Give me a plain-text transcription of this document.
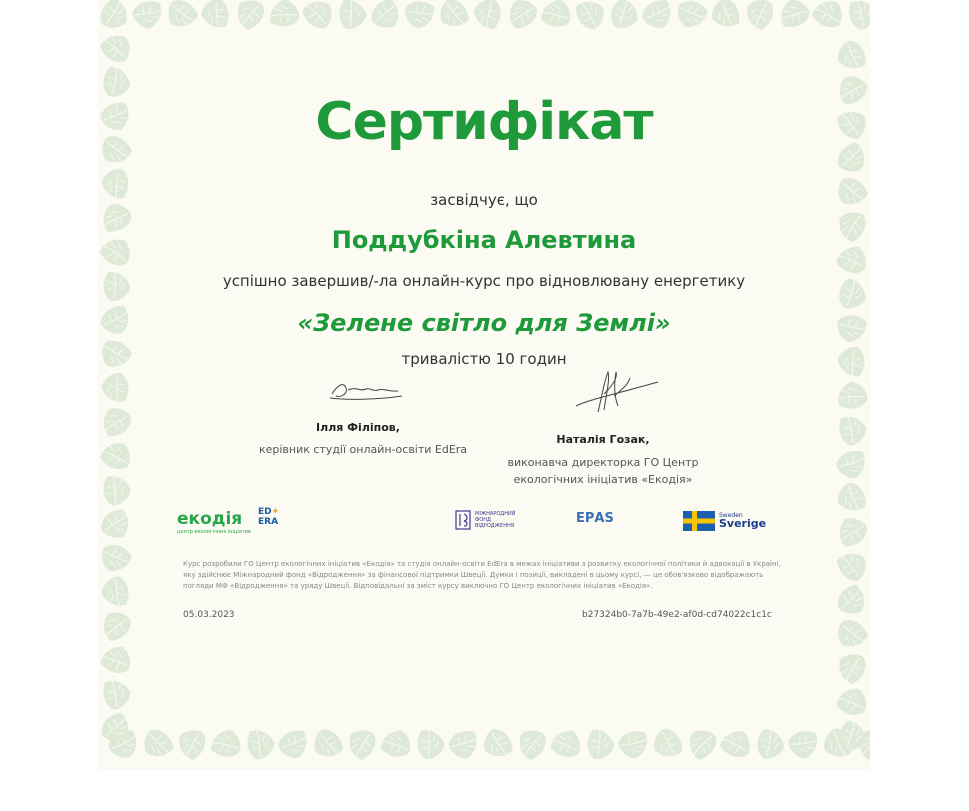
Сертифікат
засвідчує, що
Поддубкіна Алевтина
успішно завершив/-ла онлайн-курс про відновлювану енергетику
«Зелене світло для Землі»
тривалістю 10 годин
Ілля Філіпов,
керівник студії онлайн-освіти EdEra
Наталія Гозак,
виконавча директорка ГО Центр
екологічних ініціатив «Екодія»
екодія
центр екологічних ініціатив
ED✦
ERA
МІЖНАРОДНИЙ ФОНД ВІДРОДЖЕННЯ	ЕРАЅ	Sweden
Sverige
Курс розробили ГО Центр екологічних ініціатив «Екодія» та студія онлайн-освіти EdEra в межах ініціативи з розвитку екологічної політики й адвокації в Україні, яку здійснює Міжнародний фонд «Відродження» за фінансової підтримки Швеції. Думки і позиції, викладені в цьому курсі, — це обов'язково відображають погляди МФ «Відродження» та уряду Швеції. Відповідальні за зміст курсу виключно ГО Центр екологічних ініціатив «Екодія».
05.03.2023	b27324b0-7a7b-49e2-af0d-cd74022c1c1c
